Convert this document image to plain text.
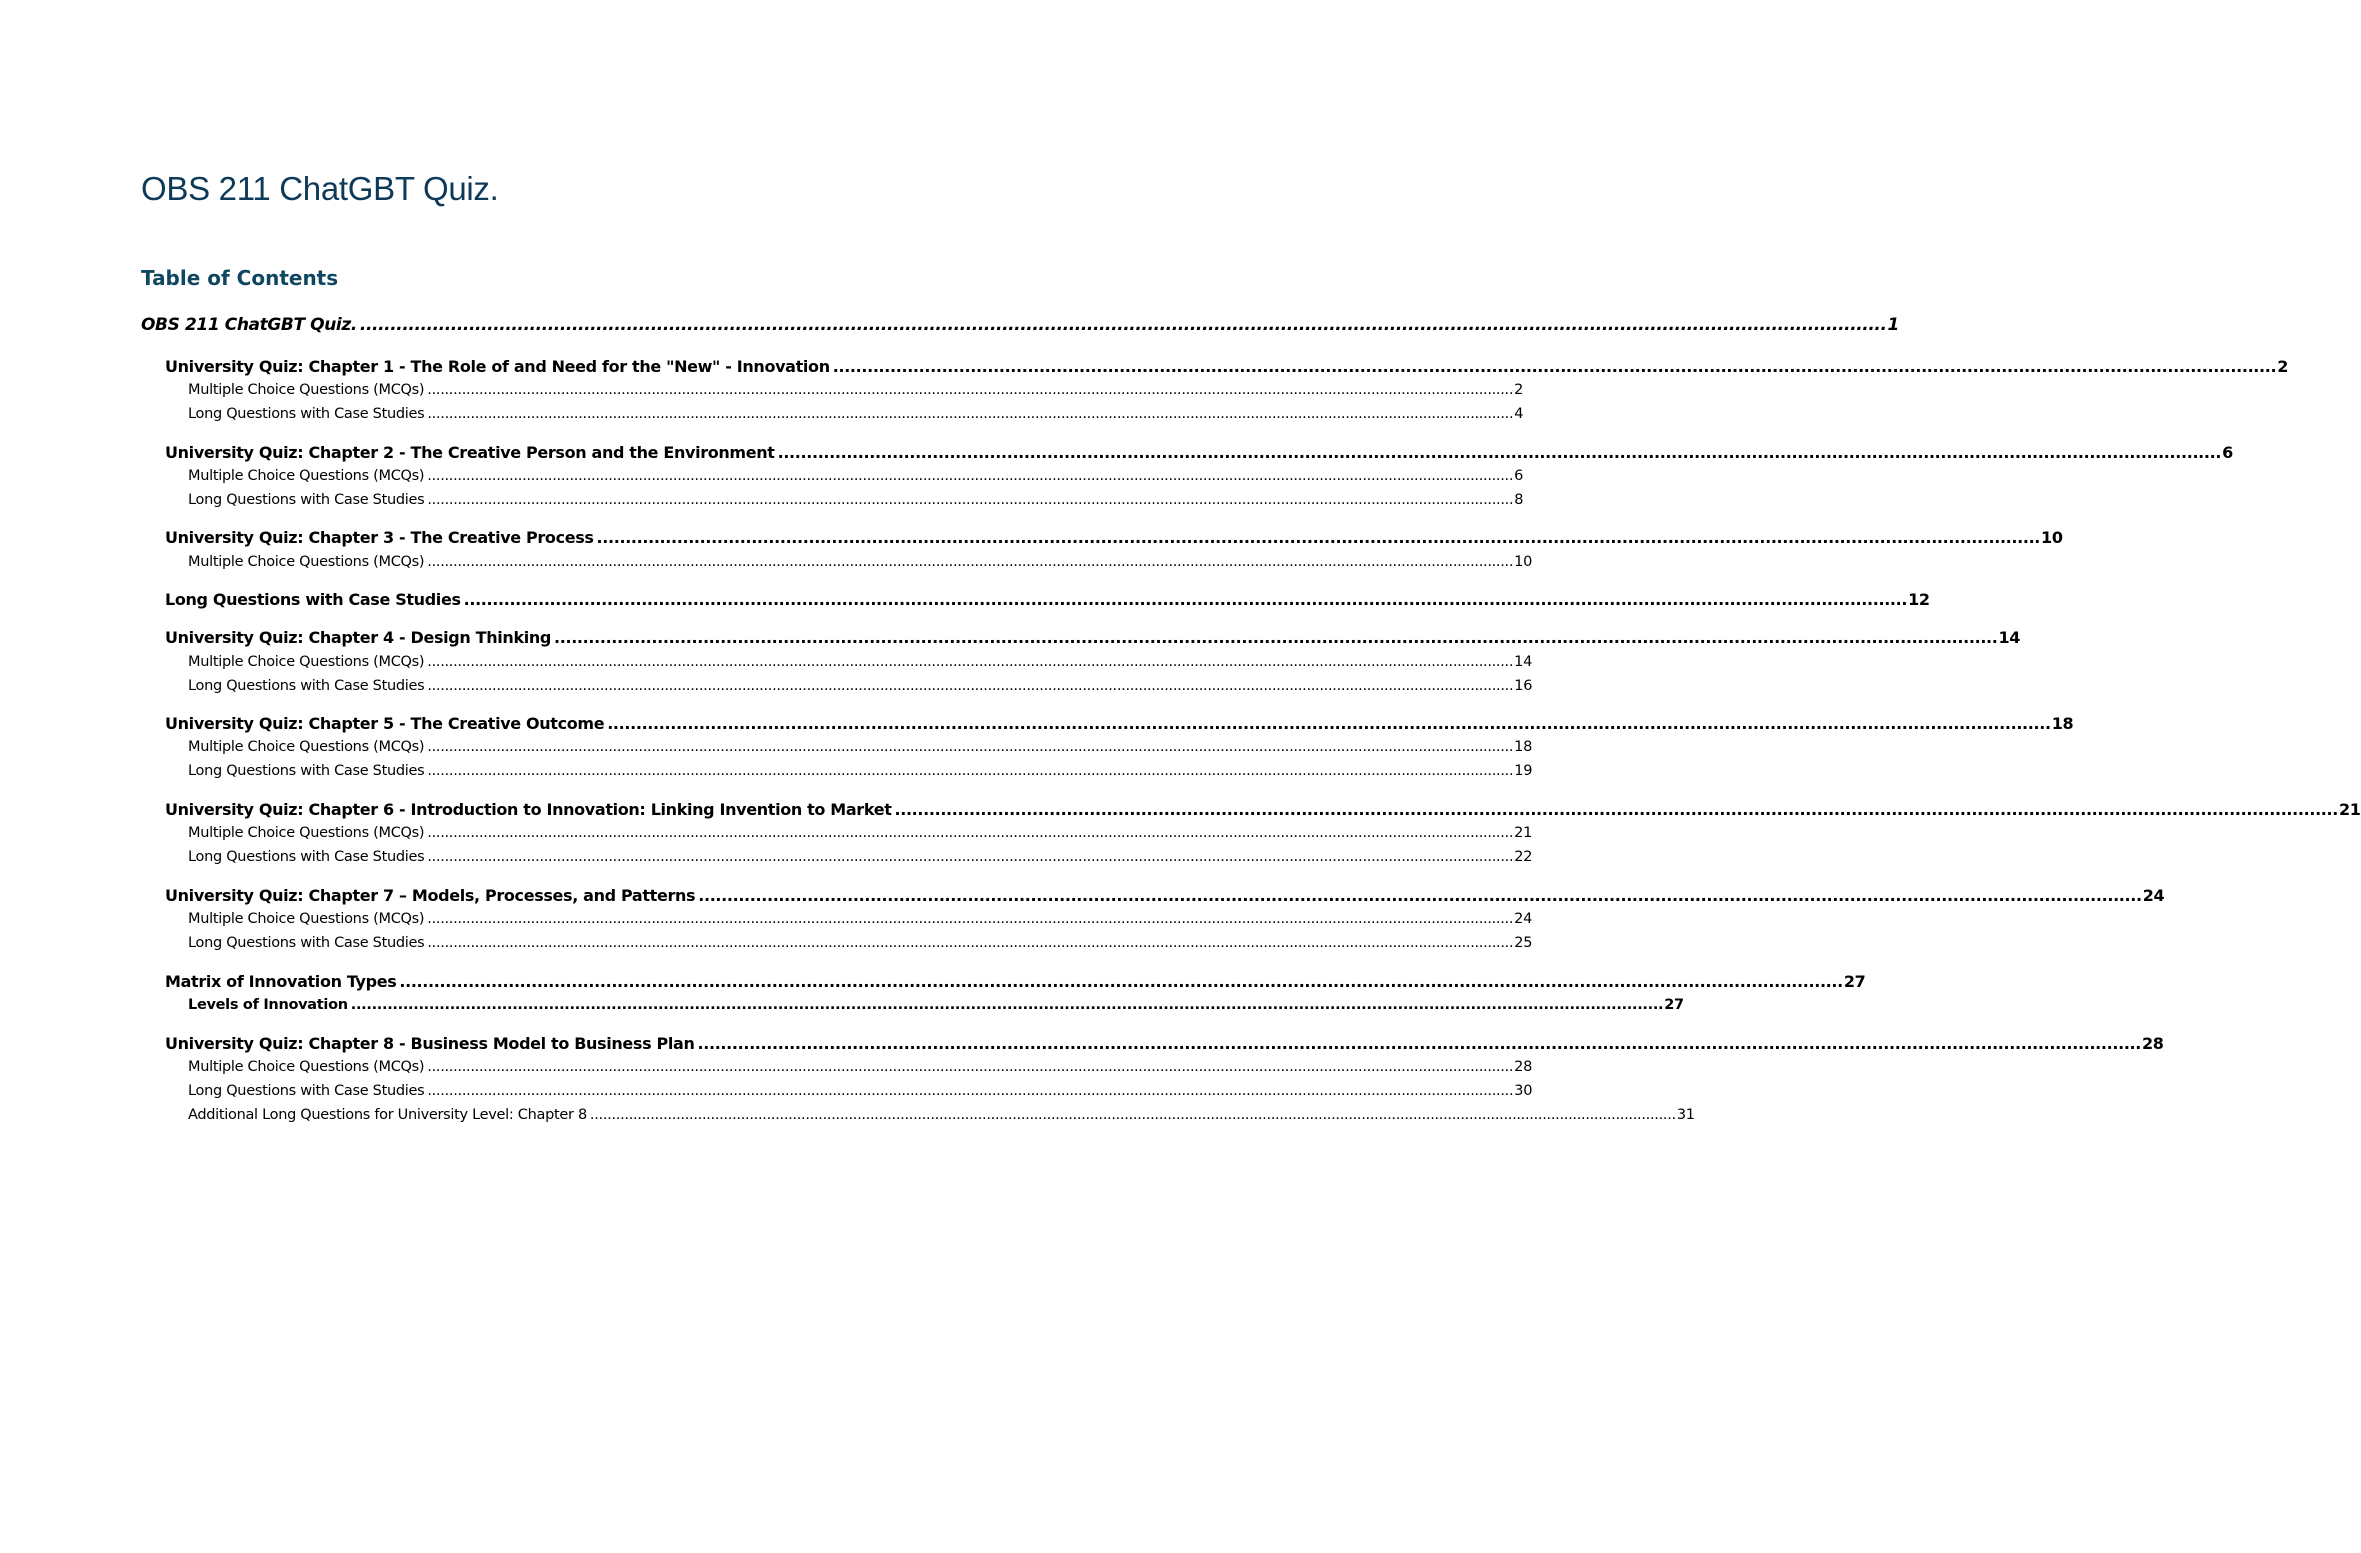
OBS 211 ChatGBT Quiz.
Table of Contents
OBS 211 ChatGBT Quiz. ............................................................................................................................................................................................................................................................ 1
University Quiz: Chapter 1 - The Role of and Need for the "New" - Innovation ............................................................................................................................................................................................................................................................ 2
Multiple Choice Questions (MCQs) ............................................................................................................................................................................................................................................................ 2
Long Questions with Case Studies ............................................................................................................................................................................................................................................................ 4
University Quiz: Chapter 2 - The Creative Person and the Environment ............................................................................................................................................................................................................................................................ 6
Multiple Choice Questions (MCQs) ............................................................................................................................................................................................................................................................ 6
Long Questions with Case Studies ............................................................................................................................................................................................................................................................ 8
University Quiz: Chapter 3 - The Creative Process ............................................................................................................................................................................................................................................................ 10
Multiple Choice Questions (MCQs) ............................................................................................................................................................................................................................................................ 10
Long Questions with Case Studies ............................................................................................................................................................................................................................................................ 12
University Quiz: Chapter 4 - Design Thinking ............................................................................................................................................................................................................................................................ 14
Multiple Choice Questions (MCQs) ............................................................................................................................................................................................................................................................ 14
Long Questions with Case Studies ............................................................................................................................................................................................................................................................ 16
University Quiz: Chapter 5 - The Creative Outcome ............................................................................................................................................................................................................................................................ 18
Multiple Choice Questions (MCQs) ............................................................................................................................................................................................................................................................ 18
Long Questions with Case Studies ............................................................................................................................................................................................................................................................ 19
University Quiz: Chapter 6 - Introduction to Innovation: Linking Invention to Market ............................................................................................................................................................................................................................................................ 21
Multiple Choice Questions (MCQs) ............................................................................................................................................................................................................................................................ 21
Long Questions with Case Studies ............................................................................................................................................................................................................................................................ 22
University Quiz: Chapter 7 – Models, Processes, and Patterns ............................................................................................................................................................................................................................................................ 24
Multiple Choice Questions (MCQs) ............................................................................................................................................................................................................................................................ 24
Long Questions with Case Studies ............................................................................................................................................................................................................................................................ 25
Matrix of Innovation Types ............................................................................................................................................................................................................................................................ 27
Levels of Innovation ............................................................................................................................................................................................................................................................ 27
University Quiz: Chapter 8 - Business Model to Business Plan ............................................................................................................................................................................................................................................................ 28
Multiple Choice Questions (MCQs) ............................................................................................................................................................................................................................................................ 28
Long Questions with Case Studies ............................................................................................................................................................................................................................................................ 30
Additional Long Questions for University Level: Chapter 8 ............................................................................................................................................................................................................................................................ 31
